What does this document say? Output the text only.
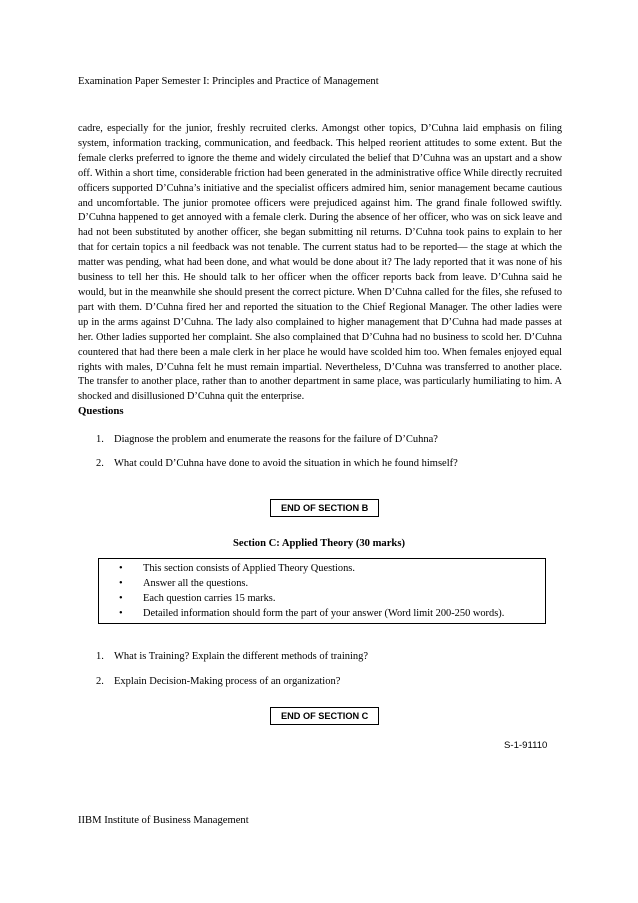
Examination Paper Semester I: Principles and Practice of Management
cadre, especially for the junior, freshly recruited clerks. Amongst other topics, D’Cuhna laid emphasis on filing system, information tracking, communication, and feedback. This helped reorient attitudes to some extent. But the female clerks preferred to ignore the theme and widely circulated the belief that D’Cuhna was an upstart and a show off. Within a short time, considerable friction had been generated in the administrative office While directly recruited officers supported D’Cuhna’s initiative and the specialist officers admired him, senior management became cautious and uncomfortable. The junior promotee officers were prejudiced against him. The grand finale followed swiftly. D’Cuhna happened to get annoyed with a female clerk. During the absence of her officer, who was on sick leave and had not been substituted by another officer, she began submitting nil returns. D’Cuhna took pains to explain to her that for certain topics a nil feedback was not tenable. The current status had to be reported— the stage at which the matter was pending, what had been done, and what would be done about it? The lady reported that it was none of his business to tell her this. He should talk to her officer when the officer reports back from leave. D’Cuhna said he would, but in the meanwhile she should present the correct picture. When D’Cuhna called for the files, she refused to part with them. D’Cuhna fired her and reported the situation to the Chief Regional Manager. The other ladies were up in the arms against D’Cuhna. The lady also complained to higher management that D’Cuhna had made passes at her. Other ladies supported her complaint. She also complained that D’Cuhna had no business to scold her. D’Cuhna countered that had there been a male clerk in her place he would have scolded him too. When females enjoyed equal rights with males, D’Cuhna felt he must remain impartial. Nevertheless, D’Cuhna was transferred to another place. The transfer to another place, rather than to another department in same place, was particularly humiliating to him. A shocked and disillusioned D’Cuhna quit the enterprise.
Questions
1. Diagnose the problem and enumerate the reasons for the failure of D’Cuhna?
2. What could D’Cuhna have done to avoid the situation in which he found himself?
END OF SECTION B
Section C: Applied Theory (30 marks)
• This section consists of Applied Theory Questions.
• Answer all the questions.
• Each question carries 15 marks.
• Detailed information should form the part of your answer (Word limit 200-250 words).
1. What is Training? Explain the different methods of training?
2. Explain Decision-Making process of an organization?
END OF SECTION C
S-1-91110
IIBM Institute of Business Management
